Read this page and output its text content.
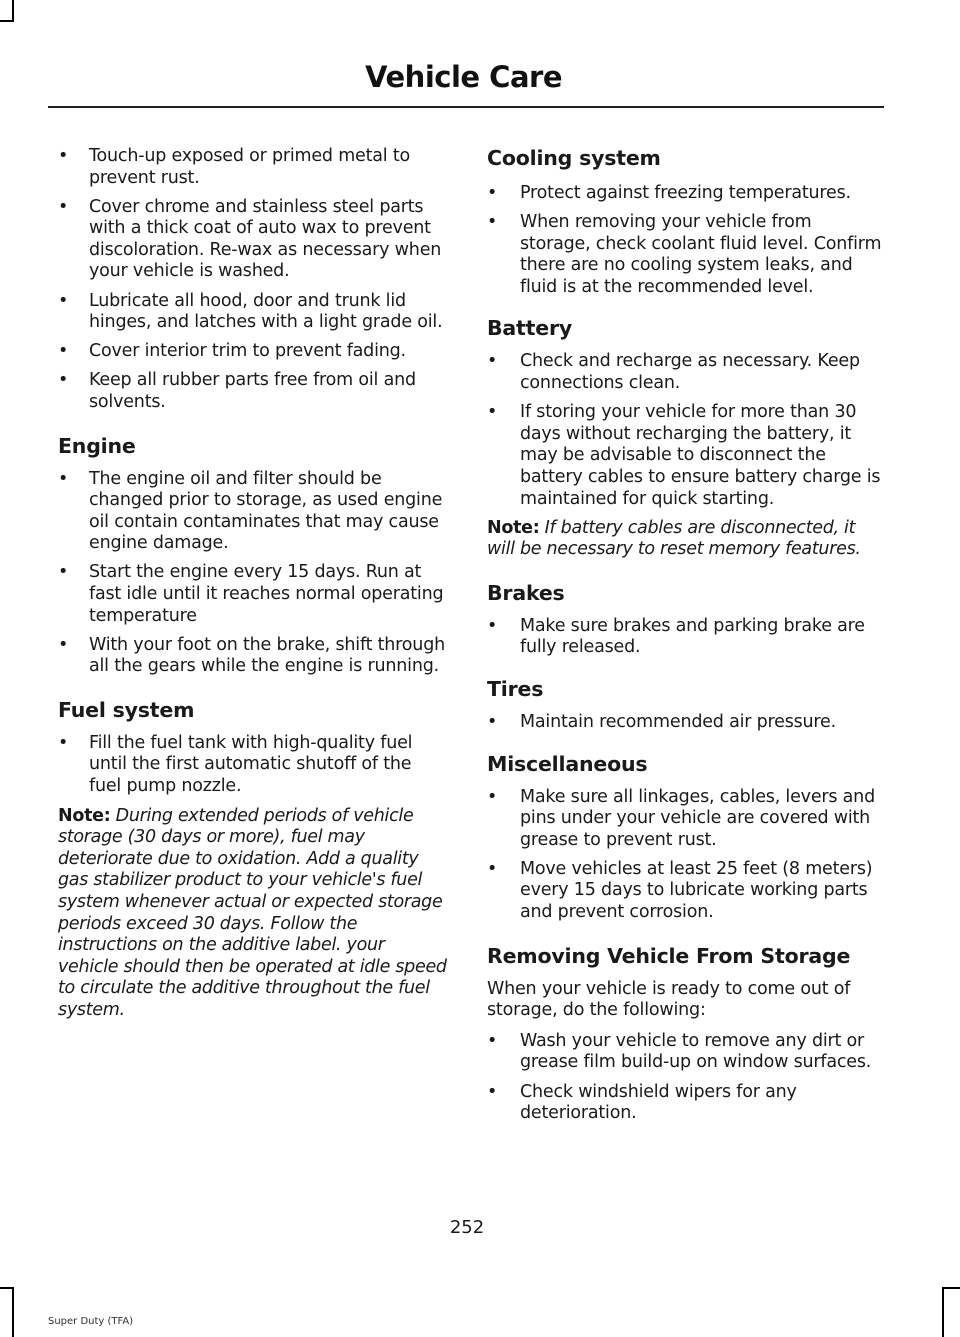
Vehicle Care
•	Touch-up exposed or primed metal to prevent rust.
•	Cover chrome and stainless steel parts with a thick coat of auto wax to prevent discoloration. Re-wax as necessary when your vehicle is washed.
•	Lubricate all hood, door and trunk lid hinges, and latches with a light grade oil.
•	Cover interior trim to prevent fading.
•	Keep all rubber parts free from oil and solvents.
Engine
•	The engine oil and filter should be changed prior to storage, as used engine oil contain contaminates that may cause engine damage.
•	Start the engine every 15 days. Run at fast idle until it reaches normal operating temperature
•	With your foot on the brake, shift through all the gears while the engine is running.
Fuel system
•	Fill the fuel tank with high-quality fuel until the first automatic shutoff of the fuel pump nozzle.

Note: During extended periods of vehicle storage (30 days or more), fuel may deteriorate due to oxidation. Add a quality gas stabilizer product to your vehicle's fuel system whenever actual or expected storage periods exceed 30 days. Follow the instructions on the additive label. your vehicle should then be operated at idle speed to circulate the additive throughout the fuel system.

Cooling system
•	Protect against freezing temperatures.
•	When removing your vehicle from storage, check coolant fluid level. Confirm there are no cooling system leaks, and fluid is at the recommended level.
Battery
•	Check and recharge as necessary. Keep connections clean.
•	If storing your vehicle for more than 30 days without recharging the battery, it may be advisable to disconnect the battery cables to ensure battery charge is maintained for quick starting.

Note: If battery cables are disconnected, it will be necessary to reset memory features.

Brakes
•	Make sure brakes and parking brake are fully released.
Tires
•	Maintain recommended air pressure.
Miscellaneous
•	Make sure all linkages, cables, levers and pins under your vehicle are covered with grease to prevent rust.
•	Move vehicles at least 25 feet (8 meters) every 15 days to lubricate working parts and prevent corrosion.
Removing Vehicle From Storage

When your vehicle is ready to come out of storage, do the following:

•	Wash your vehicle to remove any dirt or grease film build-up on window surfaces.
•	Check windshield wipers for any deterioration.
252
Super Duty (TFA)
